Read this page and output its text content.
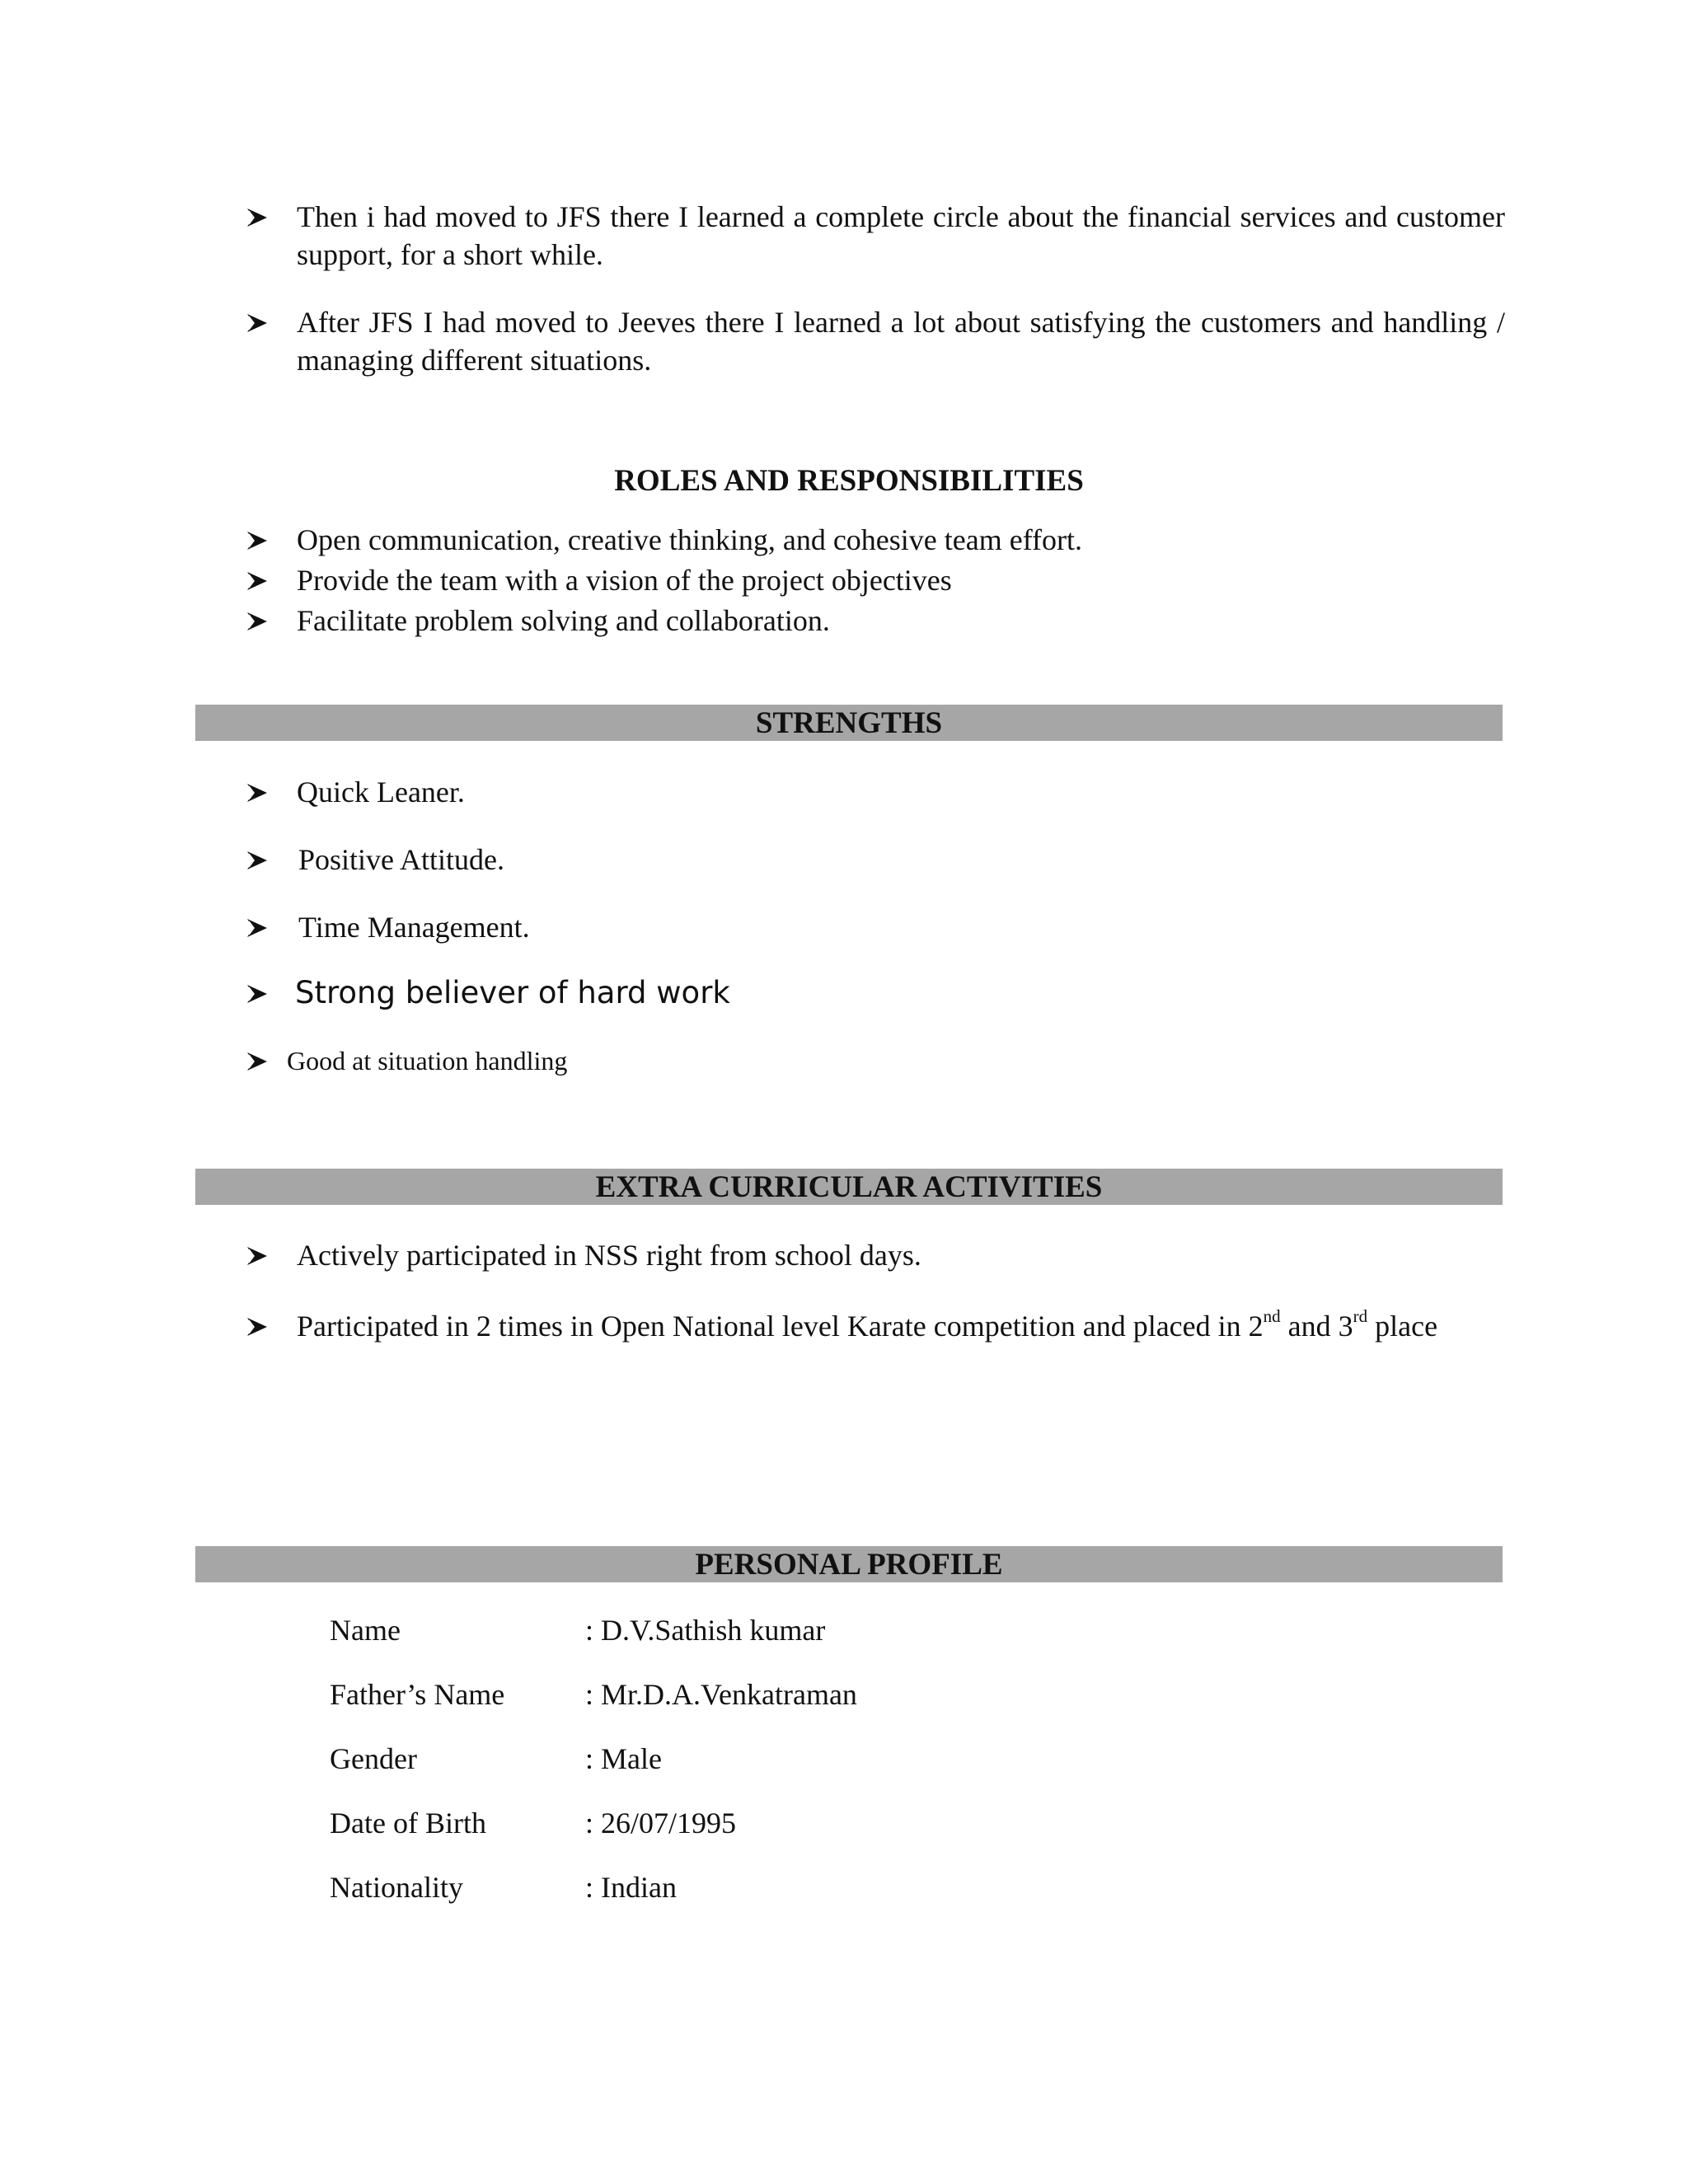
Then i had moved to JFS there I learned a complete circle about the financial services and customer support, for a short while.
After JFS I had moved to Jeeves there I learned a lot about satisfying the customers and handling / managing different situations.
ROLES AND RESPONSIBILITIES
Open communication, creative thinking, and cohesive team effort.
Provide the team with a vision of the project objectives
Facilitate problem solving and collaboration.
STRENGTHS
Quick Leaner.
Positive Attitude.
Time Management.
Strong believer of hard work
Good at situation handling
EXTRA CURRICULAR ACTIVITIES
Actively participated in NSS right from school days.
Participated in 2 times in Open National level Karate competition and placed in 2nd and 3rd place
PERSONAL PROFILE
Name	: D.V.Sathish kumar
Father’s Name	: Mr.D.A.Venkatraman
Gender	: Male
Date of Birth	: 26/07/1995
Nationality	: Indian
